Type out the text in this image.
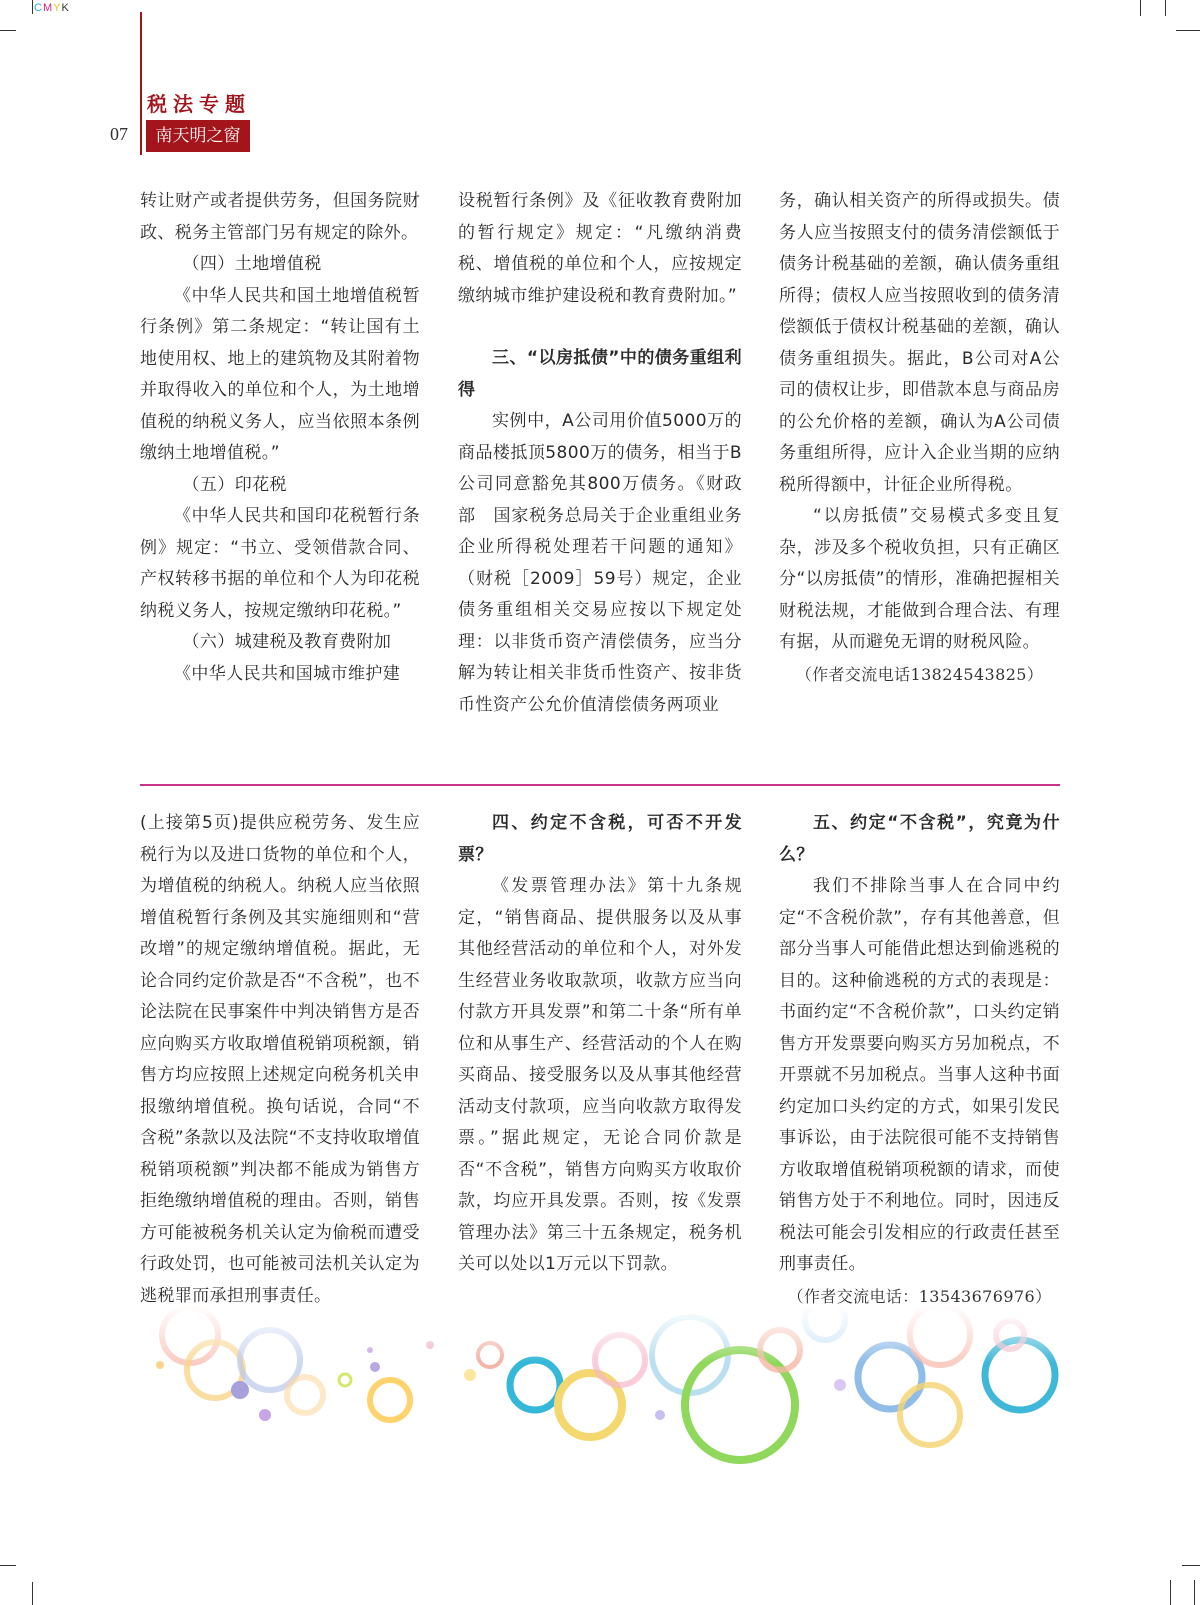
CMYK
税法专题
07	南天明之窗

转让财产或者提供劳务，但国务院财政、税务主管部门另有规定的除外。

（四）土地增值税

《中华人民共和国土地增值税暂行条例》第二条规定：“转让国有土地使用权、地上的建筑物及其附着物并取得收入的单位和个人，为土地增值税的纳税义务人，应当依照本条例缴纳土地增值税。”

（五）印花税

《中华人民共和国印花税暂行条例》规定：“书立、受领借款合同、产权转移书据的单位和个人为印花税纳税义务人，按规定缴纳印花税。”

（六）城建税及教育费附加

《中华人民共和国城市维护建

设税暂行条例》及《征收教育费附加的暂行规定》规定：“凡缴纳消费税、增值税的单位和个人，应按规定缴纳城市维护建设税和教育费附加。”

三、“以房抵债”中的债务重组利得

实例中，A公司用价值5000万的商品楼抵顶5800万的债务，相当于B公司同意豁免其800万债务。《财政部　国家税务总局关于企业重组业务企业所得税处理若干问题的通知》（财税［2009］59号）规定，企业债务重组相关交易应按以下规定处理：以非货币资产清偿债务，应当分解为转让相关非货币性资产、按非货币性资产公允价值清偿债务两项业

务，确认相关资产的所得或损失。债务人应当按照支付的债务清偿额低于债务计税基础的差额，确认债务重组所得；债权人应当按照收到的债务清偿额低于债权计税基础的差额，确认债务重组损失。据此，B公司对A公司的债权让步，即借款本息与商品房的公允价格的差额，确认为A公司债务重组所得，应计入企业当期的应纳税所得额中，计征企业所得税。

“以房抵债”交易模式多变且复杂，涉及多个税收负担，只有正确区分“以房抵债”的情形，准确把握相关财税法规，才能做到合理合法、有理有据，从而避免无谓的财税风险。

（作者交流电话13824543825）

(上接第5页)提供应税劳务、发生应税行为以及进口货物的单位和个人，为增值税的纳税人。纳税人应当依照增值税暂行条例及其实施细则和“营改增”的规定缴纳增值税。据此，无论合同约定价款是否“不含税”，也不论法院在民事案件中判决销售方是否应向购买方收取增值税销项税额，销售方均应按照上述规定向税务机关申报缴纳增值税。换句话说，合同“不含税”条款以及法院“不支持收取增值税销项税额”判决都不能成为销售方拒绝缴纳增值税的理由。否则，销售方可能被税务机关认定为偷税而遭受行政处罚，也可能被司法机关认定为逃税罪而承担刑事责任。

四、约定不含税，可否不开发票？

《发票管理办法》第十九条规定，“销售商品、提供服务以及从事其他经营活动的单位和个人，对外发生经营业务收取款项，收款方应当向付款方开具发票”和第二十条“所有单位和从事生产、经营活动的个人在购买商品、接受服务以及从事其他经营活动支付款项，应当向收款方取得发票。”据此规定，无论合同价款是否“不含税”，销售方向购买方收取价款，均应开具发票。否则，按《发票管理办法》第三十五条规定，税务机关可以处以1万元以下罚款。

五、约定“不含税”，究竟为什么？

我们不排除当事人在合同中约定“不含税价款”，存有其他善意，但部分当事人可能借此想达到偷逃税的目的。这种偷逃税的方式的表现是：书面约定“不含税价款”，口头约定销售方开发票要向购买方另加税点，不开票就不另加税点。当事人这种书面约定加口头约定的方式，如果引发民事诉讼，由于法院很可能不支持销售方收取增值税销项税额的请求，而使销售方处于不利地位。同时，因违反税法可能会引发相应的行政责任甚至刑事责任。

（作者交流电话：13543676976）
